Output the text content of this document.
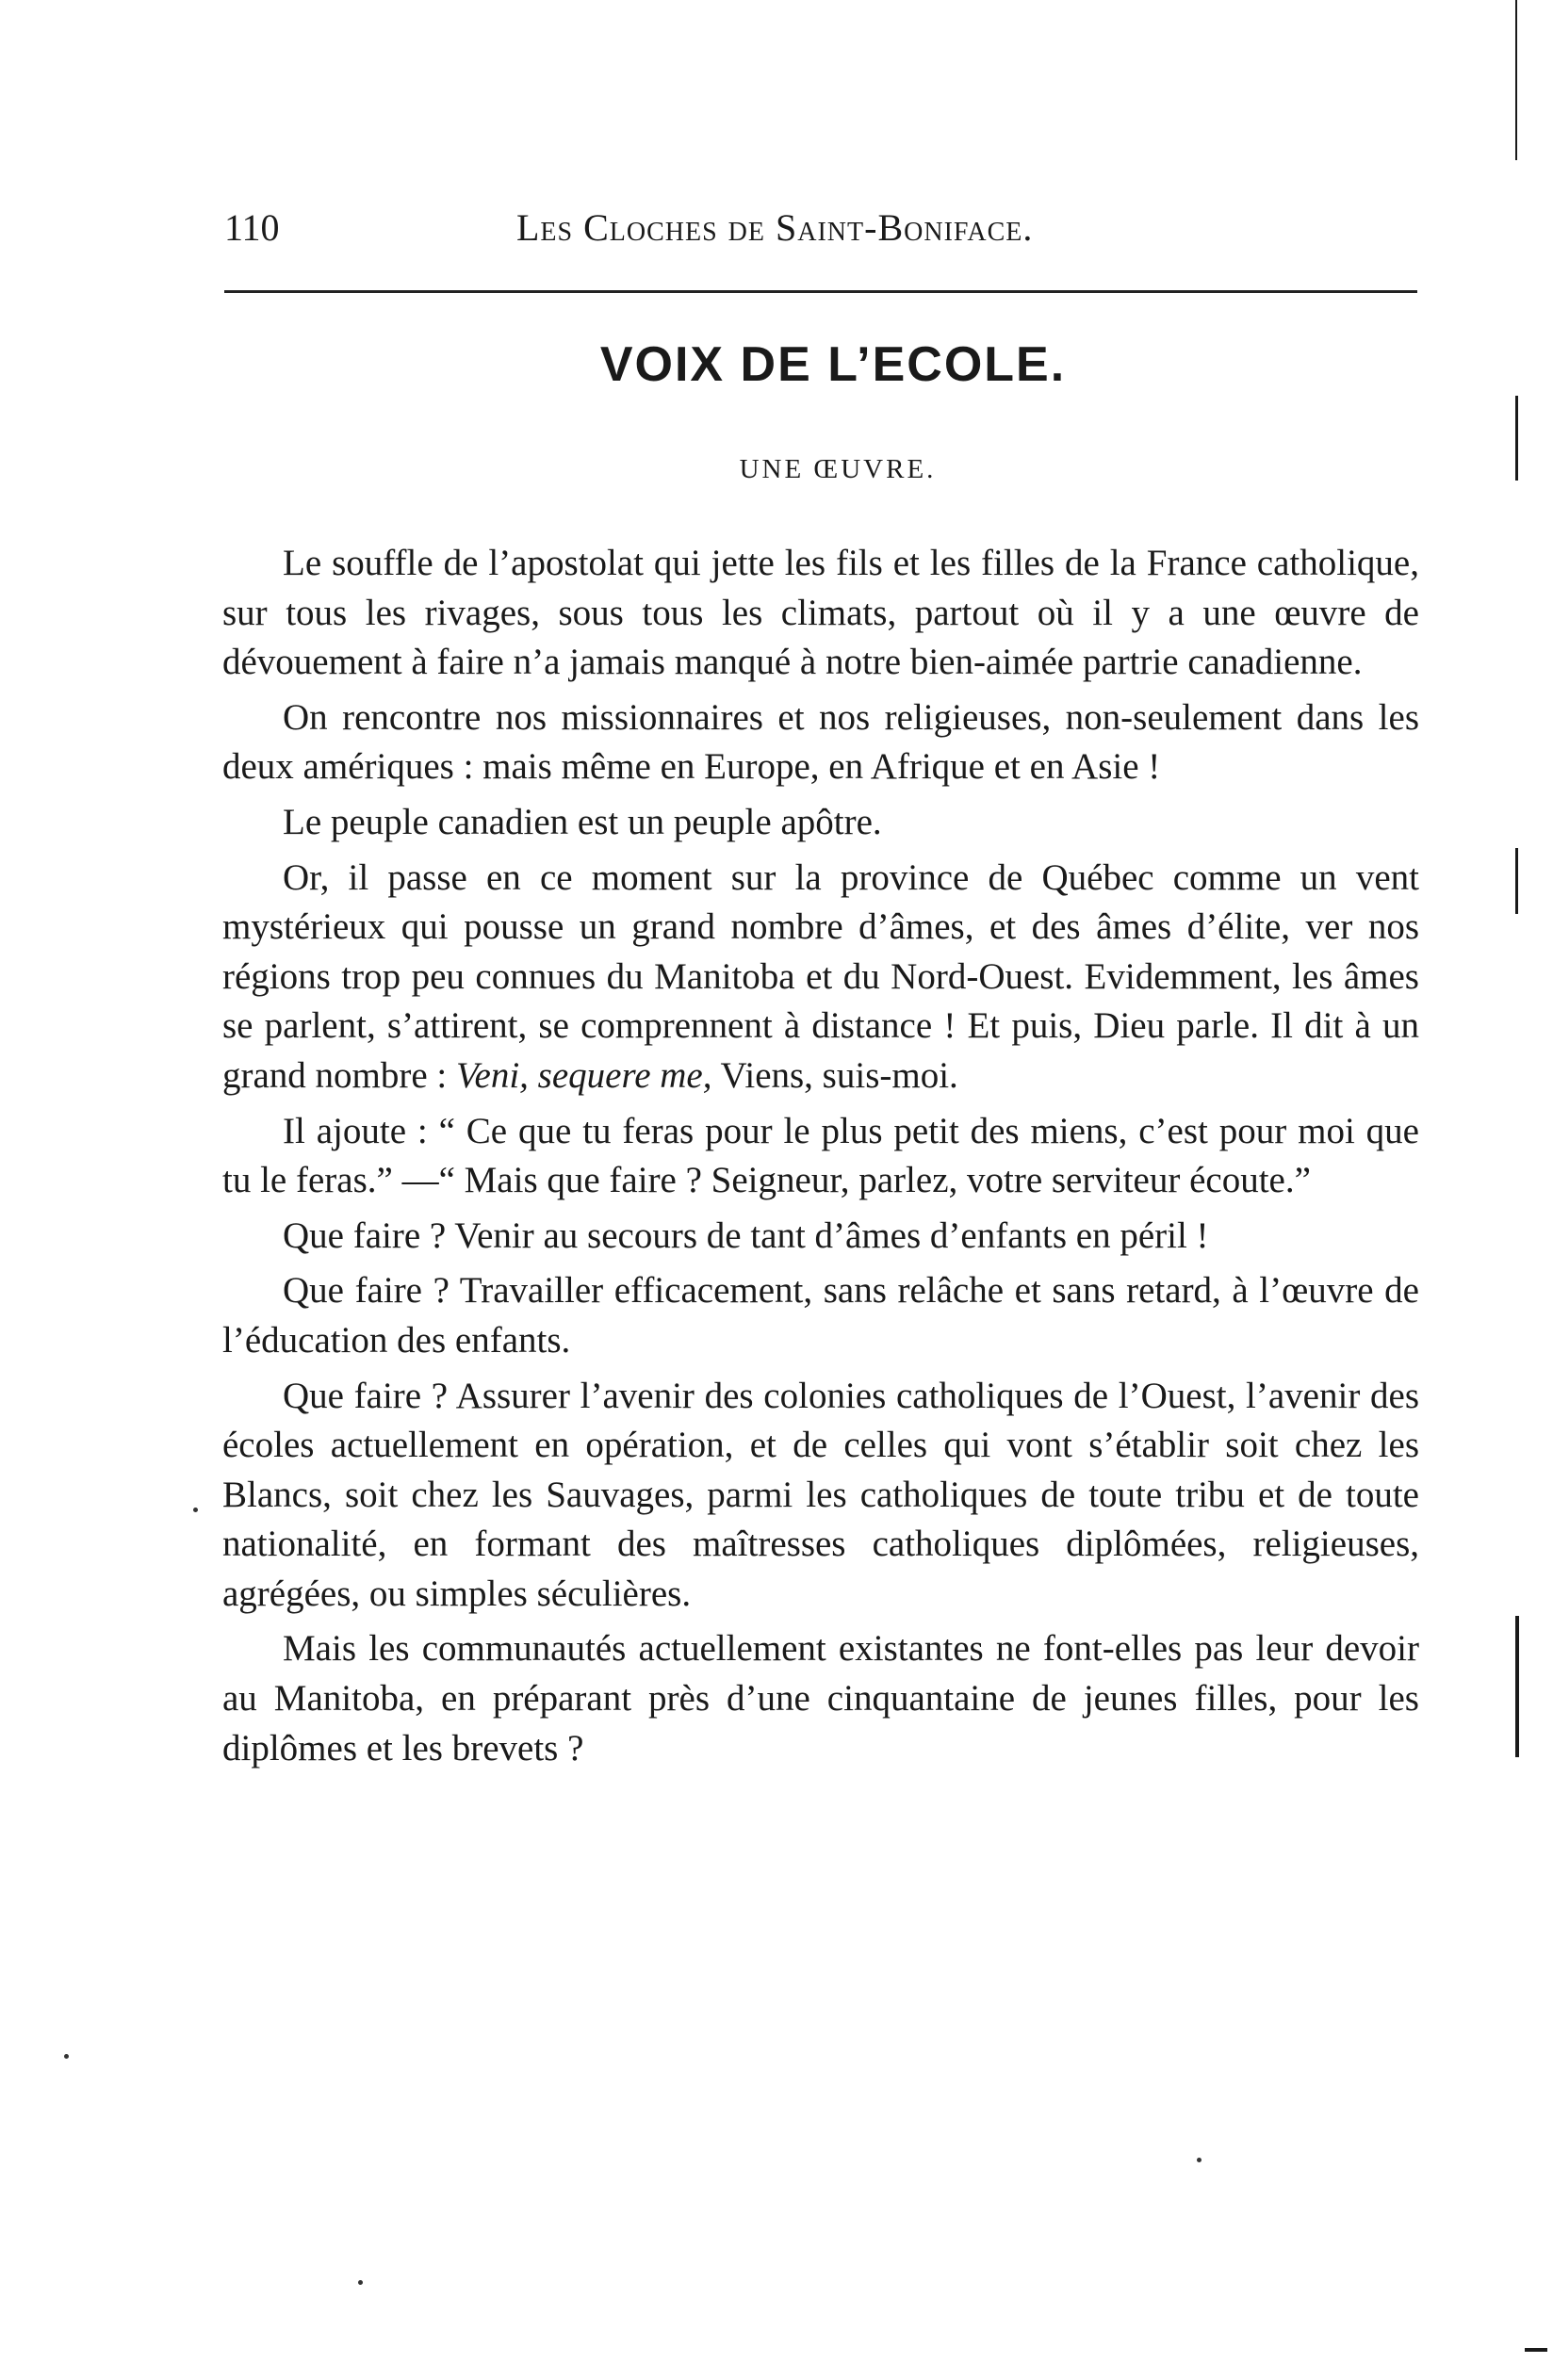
110	Les Cloches de Saint-Boniface.
VOIX DE L’ECOLE.
UNE ŒUVRE.

Le souffle de l’apostolat qui jette les fils et les filles de la France catholique, sur tous les rivages, sous tous les climats, partout où il y a une œuvre de dévouement à faire n’a jamais manqué à notre bien-aimée partrie canadienne.

On rencontre nos missionnaires et nos religieuses, non-seulement dans les deux amériques : mais même en Europe, en Afrique et en Asie !

Le peuple canadien est un peuple apôtre.

Or, il passe en ce moment sur la province de Québec comme un vent mystérieux qui pousse un grand nombre d’âmes, et des âmes d’élite, ver nos régions trop peu connues du Manitoba et du Nord-Ouest. Evidemment, les âmes se parlent, s’attirent, se comprennent à distance ! Et puis, Dieu parle. Il dit à un grand nombre : Veni, sequere me, Viens, suis-moi.

Il ajoute : “ Ce que tu feras pour le plus petit des miens, c’est pour moi que tu le feras.” —“ Mais que faire ? Seigneur, parlez, votre serviteur écoute.”

Que faire ? Venir au secours de tant d’âmes d’enfants en péril !

Que faire ? Travailler efficacement, sans relâche et sans retard, à l’œuvre de l’éducation des enfants.

Que faire ? Assurer l’avenir des colonies catholiques de l’Ouest, l’avenir des écoles actuellement en opération, et de celles qui vont s’établir soit chez les Blancs, soit chez les Sauvages, parmi les catholiques de toute tribu et de toute nationalité, en formant des maîtresses catholiques diplômées, religieuses, agrégées, ou simples séculières.

Mais les communautés actuellement existantes ne font-elles pas leur devoir au Manitoba, en préparant près d’une cinquantaine de jeunes filles, pour les diplômes et les brevets ?
